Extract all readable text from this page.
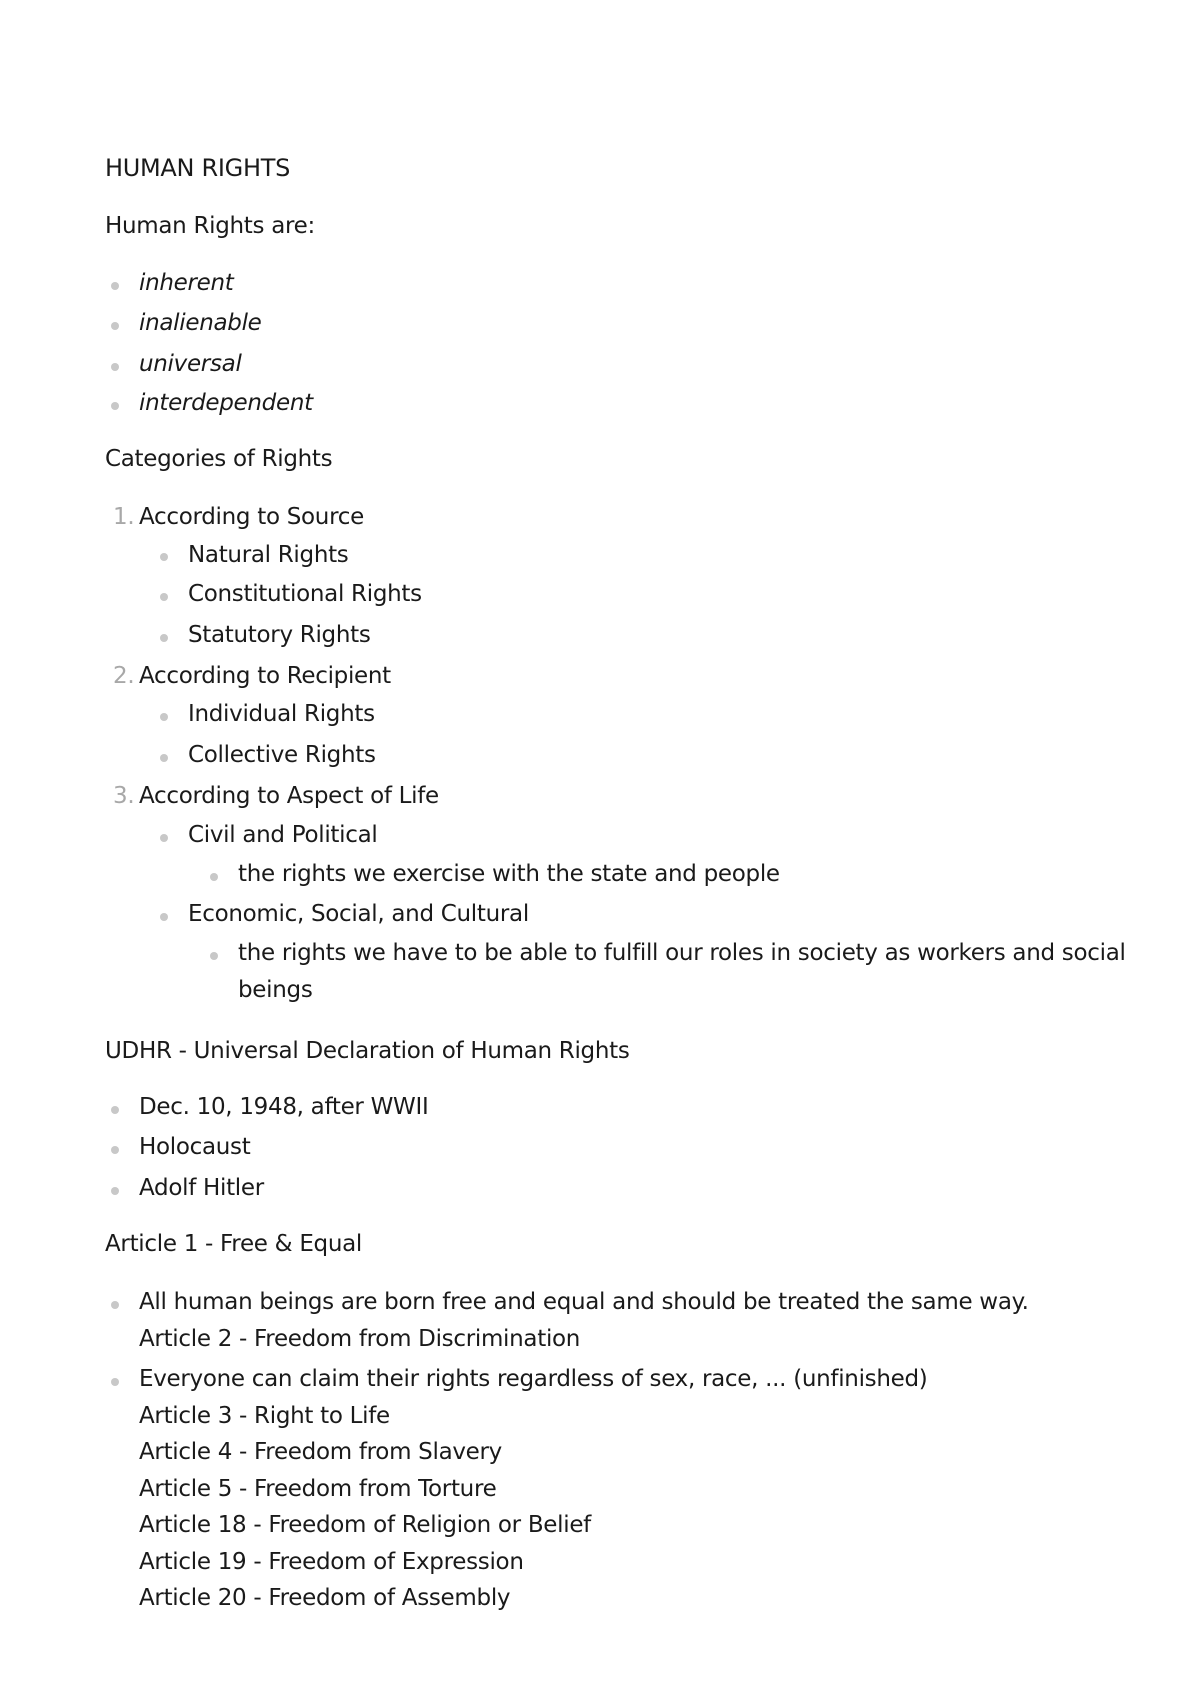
HUMAN RIGHTS
Human Rights are:
inherent
inalienable
universal
interdependent
Categories of Rights
1. According to Source
Natural Rights
Constitutional Rights
Statutory Rights
2. According to Recipient
Individual Rights
Collective Rights
3. According to Aspect of Life
Civil and Political
the rights we exercise with the state and people
Economic, Social, and Cultural
the rights we have to be able to fulfill our roles in society as workers and social
beings
UDHR - Universal Declaration of Human Rights
Dec. 10, 1948, after WWII
Holocaust
Adolf Hitler
Article 1 - Free & Equal
All human beings are born free and equal and should be treated the same way.
Article 2 - Freedom from Discrimination
Everyone can claim their rights regardless of sex, race, ... (unfinished)
Article 3 - Right to Life
Article 4 - Freedom from Slavery
Article 5 - Freedom from Torture
Article 18 - Freedom of Religion or Belief
Article 19 - Freedom of Expression
Article 20 - Freedom of Assembly
